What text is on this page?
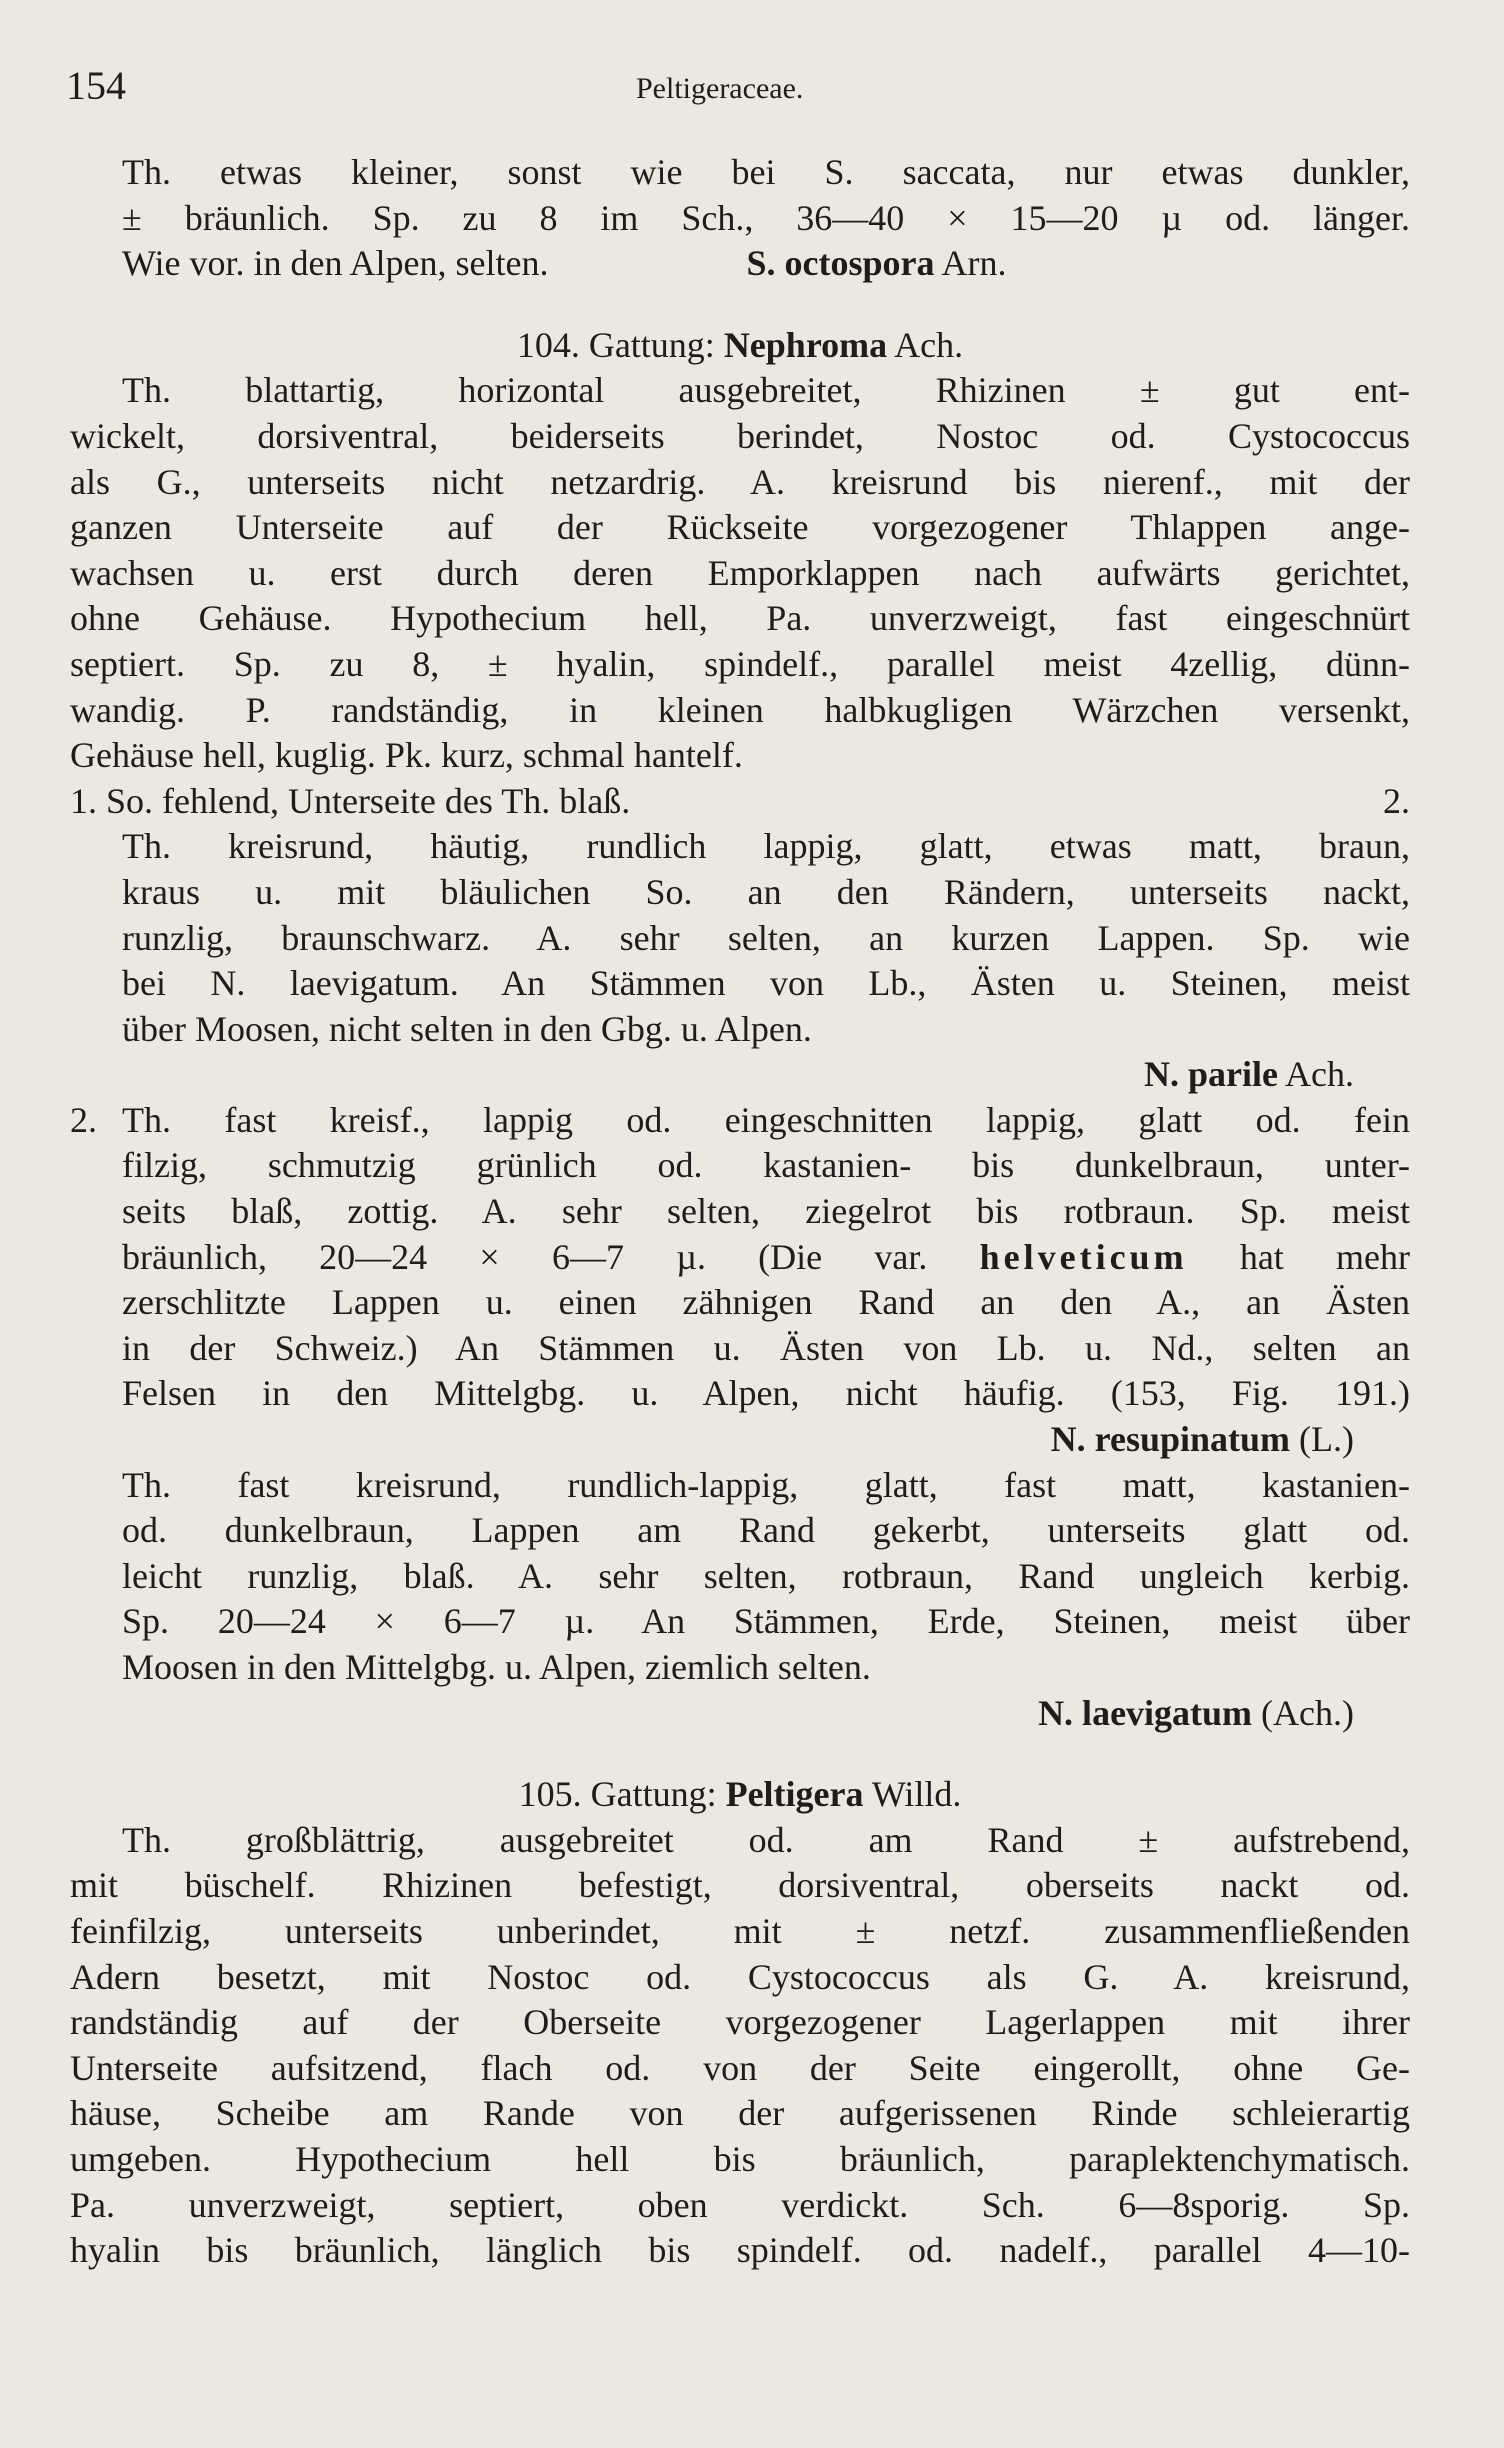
154	Peltigeraceae.
Th. etwas kleiner, sonst wie bei S. saccata, nur etwas dunkler,
± bräunlich. Sp. zu 8 im Sch., 36—40 × 15—20 µ od. länger.
Wie vor. in den Alpen, selten.	S. octospora Arn.
104. Gattung: Nephroma Ach.
Th. blattartig, horizontal ausgebreitet, Rhizinen ± gut ent-
wickelt, dorsiventral, beiderseits berindet, Nostoc od. Cystococcus
als G., unterseits nicht netzardrig. A. kreisrund bis nierenf., mit der
ganzen Unterseite auf der Rückseite vorgezogener Thlappen ange-
wachsen u. erst durch deren Emporklappen nach aufwärts gerichtet,
ohne Gehäuse. Hypothecium hell, Pa. unverzweigt, fast eingeschnürt
septiert. Sp. zu 8, ± hyalin, spindelf., parallel meist 4zellig, dünn-
wandig. P. randständig, in kleinen halbkugligen Wärzchen versenkt,
Gehäuse hell, kuglig. Pk. kurz, schmal hantelf.
1. So. fehlend, Unterseite des Th. blaß.	2.
Th. kreisrund, häutig, rundlich lappig, glatt, etwas matt, braun,
kraus u. mit bläulichen So. an den Rändern, unterseits nackt,
runzlig, braunschwarz. A. sehr selten, an kurzen Lappen. Sp. wie
bei N. laevigatum. An Stämmen von Lb., Ästen u. Steinen, meist
über Moosen, nicht selten in den Gbg. u. Alpen.
N. parile Ach.
2. Th. fast kreisf., lappig od. eingeschnitten lappig, glatt od. fein
filzig, schmutzig grünlich od. kastanien- bis dunkelbraun, unter-
seits blaß, zottig. A. sehr selten, ziegelrot bis rotbraun. Sp. meist
bräunlich, 20—24 × 6—7 µ. (Die var. helveticum hat mehr
zerschlitzte Lappen u. einen zähnigen Rand an den A., an Ästen
in der Schweiz.) An Stämmen u. Ästen von Lb. u. Nd., selten an
Felsen in den Mittelgbg. u. Alpen, nicht häufig. (153, Fig. 191.)
N. resupinatum (L.)
Th. fast kreisrund, rundlich-lappig, glatt, fast matt, kastanien-
od. dunkelbraun, Lappen am Rand gekerbt, unterseits glatt od.
leicht runzlig, blaß. A. sehr selten, rotbraun, Rand ungleich kerbig.
Sp. 20—24 × 6—7 µ. An Stämmen, Erde, Steinen, meist über
Moosen in den Mittelgbg. u. Alpen, ziemlich selten.
N. laevigatum (Ach.)
105. Gattung: Peltigera Willd.
Th. großblättrig, ausgebreitet od. am Rand ± aufstrebend,
mit büschelf. Rhizinen befestigt, dorsiventral, oberseits nackt od.
feinfilzig, unterseits unberindet, mit ± netzf. zusammenfließenden
Adern besetzt, mit Nostoc od. Cystococcus als G. A. kreisrund,
randständig auf der Oberseite vorgezogener Lagerlappen mit ihrer
Unterseite aufsitzend, flach od. von der Seite eingerollt, ohne Ge-
häuse, Scheibe am Rande von der aufgerissenen Rinde schleierartig
umgeben. Hypothecium hell bis bräunlich, paraplektenchymatisch.
Pa. unverzweigt, septiert, oben verdickt. Sch. 6—8sporig. Sp.
hyalin bis bräunlich, länglich bis spindelf. od. nadelf., parallel 4—10-
